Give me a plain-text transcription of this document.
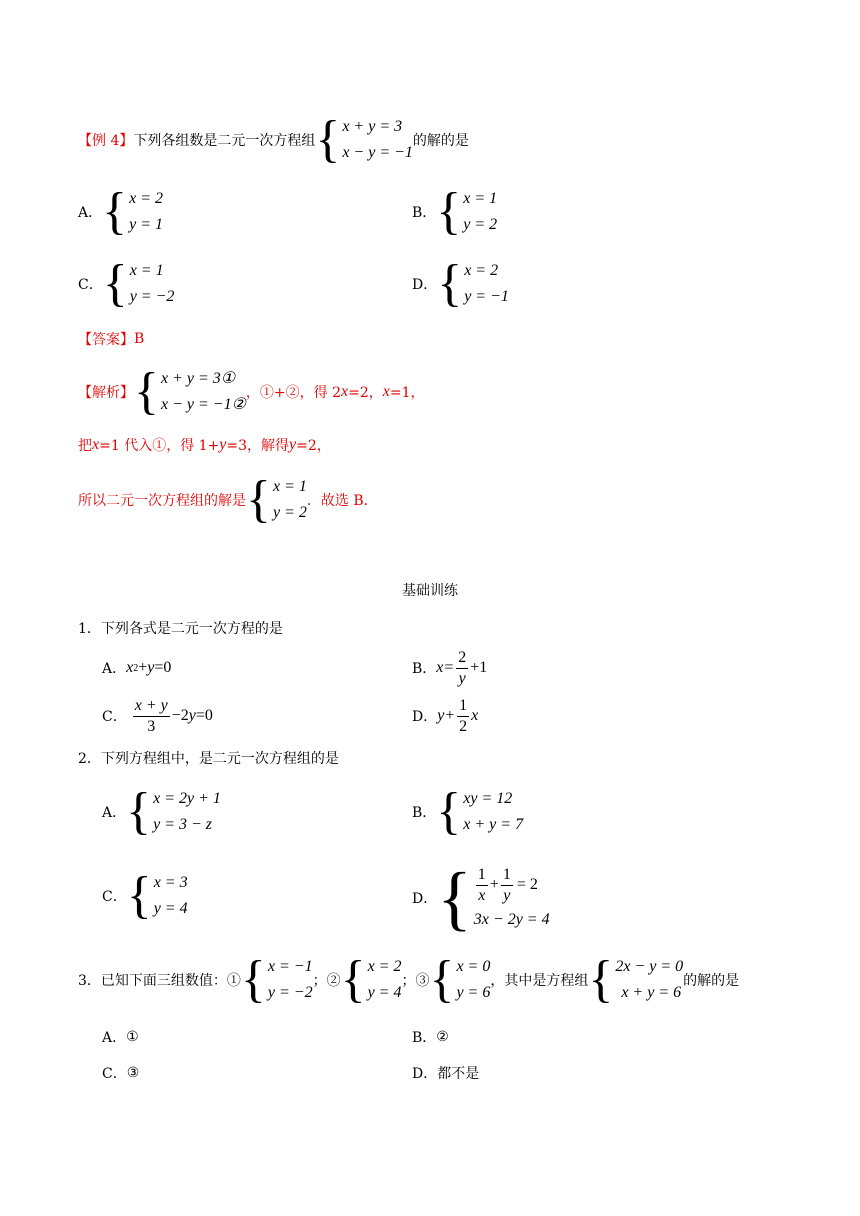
【例 4】 下列各组数是二元一次方程组 { x + y = 3
x − y = −1
的解的是
A． { x = 2
y = 1
B． { x = 1
y = 2
C． { x = 1
y = −2
D． { x = 2
y = −1
【答案】 B
【解析】 { x + y = 3①
x − y = −1②
，①+②，得 2 x =2， x =1，
把 x =1 代入①，得 1+ y =3，解得 y =2，
所以二元一次方程组的解是 { x = 1
y = 2
．故选 B．
基础训练
1．下列各式是二元一次方程的是
A． x 2 + y =0	B． $x= \frac{2}{y} +1$
C． $\frac{x + y}{3} -2$ y =0	D． $y+ \frac{1}{2}$ x
2．下列方程组中，是二元一次方程组的是
A． { x = 2y + 1
y = 3 − z
B． { xy = 12
x + y = 7
C． { x = 3
y = 4
D． { $\frac{1}{x} + \frac{1}{y} = 2$
3x − 2y = 4
3．已知下面三组数值：① { x = −1
y = −2
；② { x = 2
y = 4
；③ { x = 0
y = 6
，其中是方程组 { 2x − y = 0
x + y = 6
的解的是
A． ①	B． ②
C． ③	D． 都不是
